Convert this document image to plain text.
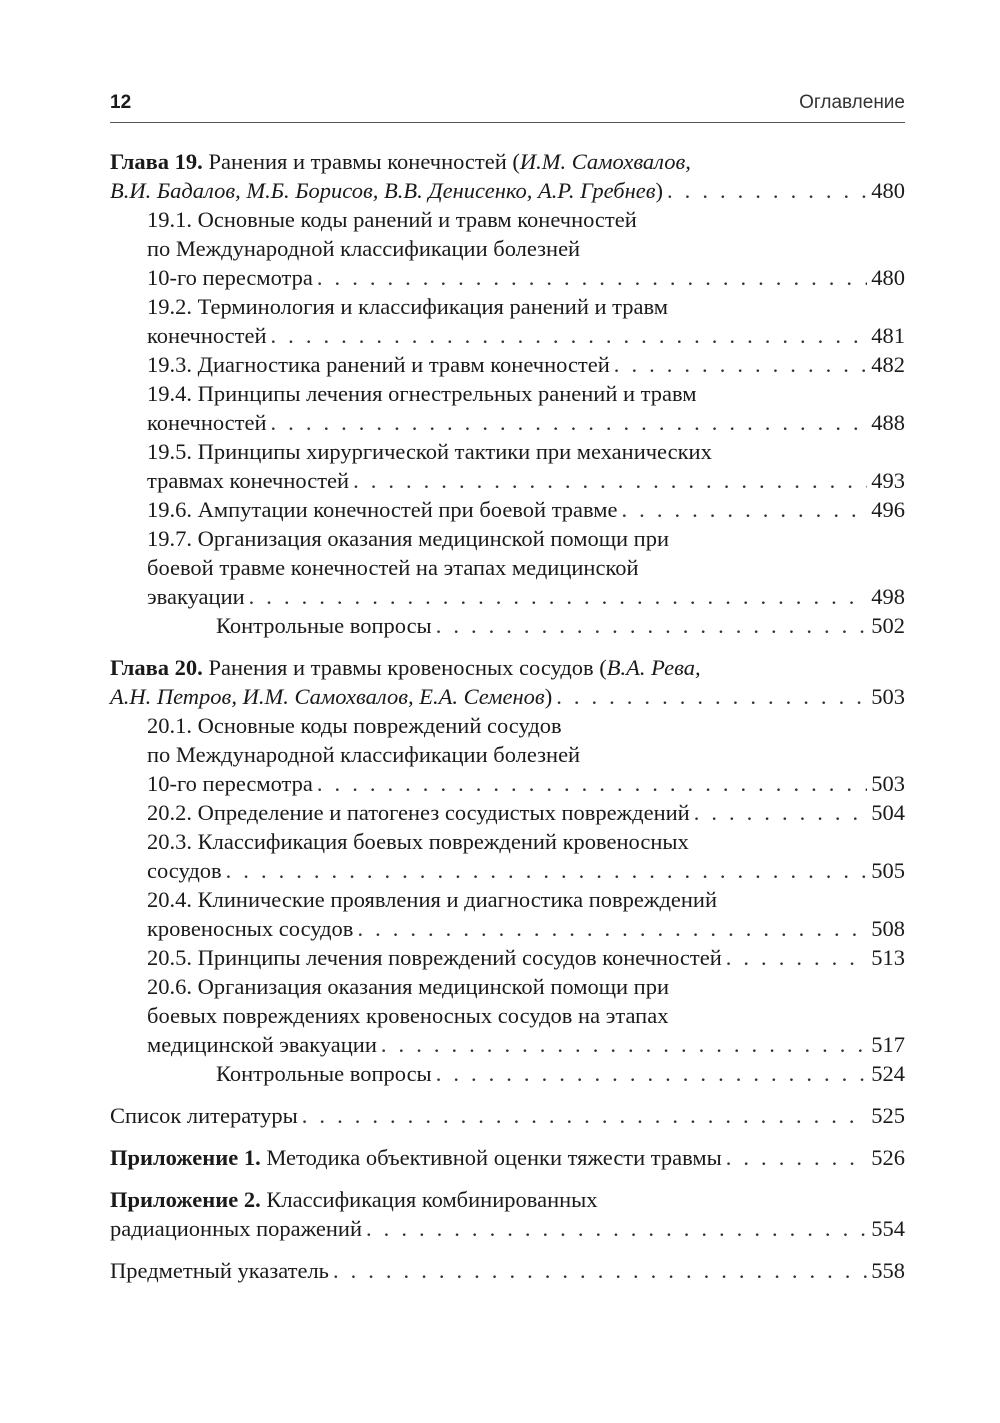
12	Оглавление
Глава 19. Ранения и травмы конечностей (И.М. Самохвалов,
В.И. Бадалов, М.Б. Борисов, В.В. Денисенко, А.Р. Гребнев) . . .	480
19.1. Основные коды ранений и травм конечностей
по Международной классификации болезней
10-го пересмотра . . .	480
19.2. Терминология и классификация ранений и травм
конечностей . . .	481
19.3. Диагностика ранений и травм конечностей . . .	482
19.4. Принципы лечения огнестрельных ранений и травм
конечностей . . .	488
19.5. Принципы хирургической тактики при механических
травмах конечностей . . .	493
19.6. Ампутации конечностей при боевой травме . . .	496
19.7. Организация оказания медицинской помощи при
боевой травме конечностей на этапах медицинской
эвакуации . . .	498
Контрольные вопросы . . .	502
Глава 20. Ранения и травмы кровеносных сосудов (В.А. Рева,
А.Н. Петров, И.М. Самохвалов, Е.А. Семенов) . . .	503
20.1. Основные коды повреждений сосудов
по Международной классификации болезней
10-го пересмотра . . .	503
20.2. Определение и патогенез сосудистых повреждений . . .	504
20.3. Классификация боевых повреждений кровеносных
сосудов . . .	505
20.4. Клинические проявления и диагностика повреждений
кровеносных сосудов . . .	508
20.5. Принципы лечения повреждений сосудов конечностей . . .	513
20.6. Организация оказания медицинской помощи при
боевых повреждениях кровеносных сосудов на этапах
медицинской эвакуации . . .	517
Контрольные вопросы . . .	524
Список литературы . . .	525
Приложение 1. Методика объективной оценки тяжести травмы . . .	526
Приложение 2. Классификация комбинированных
радиационных поражений . . .	554
Предметный указатель . . .	558
